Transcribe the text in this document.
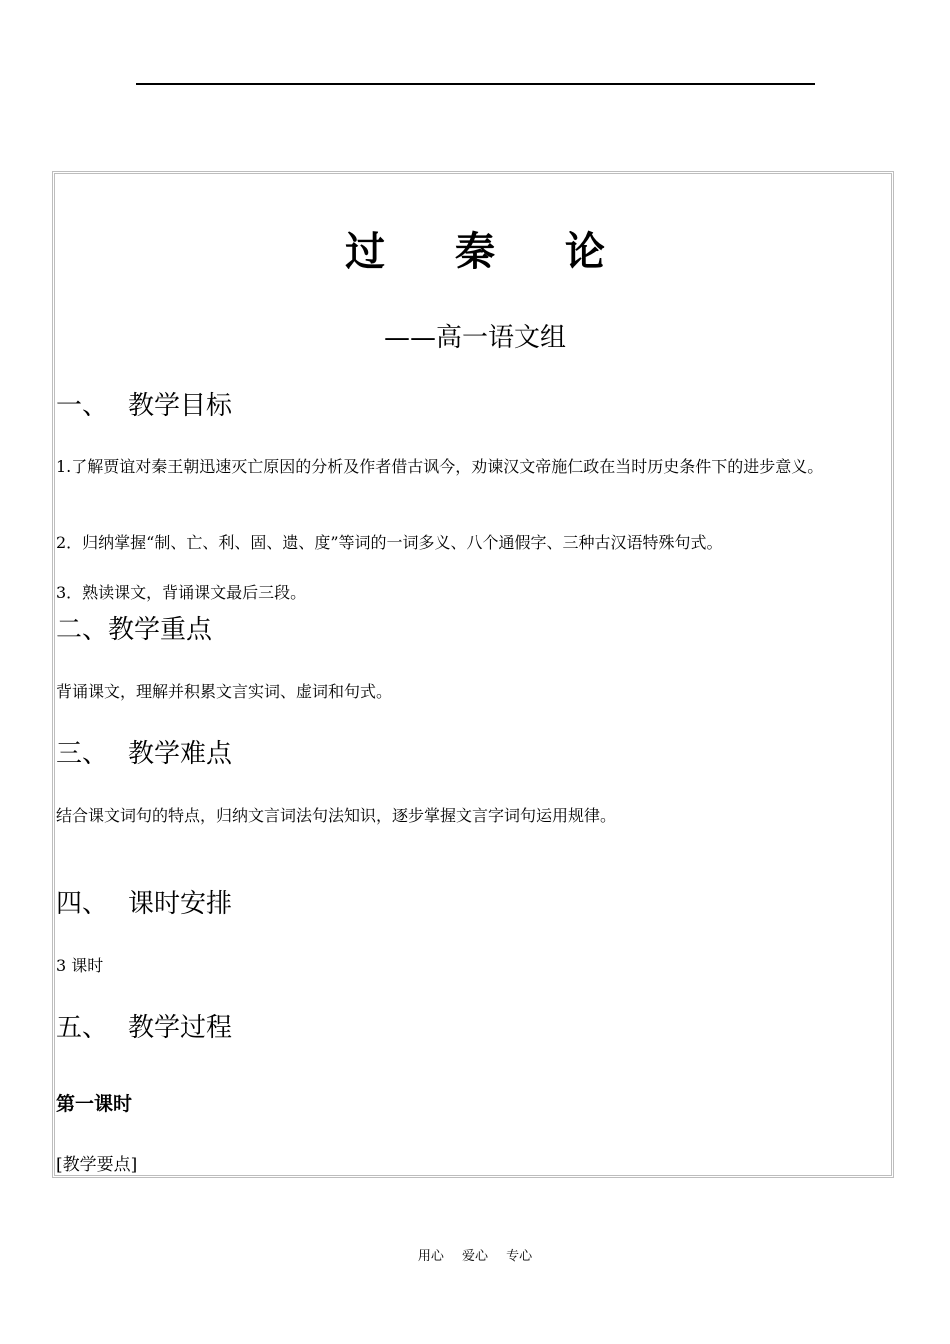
过 秦 论
——高一语文组
一、 教学目标
1.了解贾谊对秦王朝迅速灭亡原因的分析及作者借古讽今，劝谏汉文帝施仁政在当时历史条件下的进步意义。
2．归纳掌握“制、亡、利、固、遗、度”等词的一词多义、八个通假字、三种古汉语特殊句式。
3．熟读课文，背诵课文最后三段。
二、教学重点
背诵课文，理解并积累文言实词、虚词和句式。
三、 教学难点
结合课文词句的特点，归纳文言词法句法知识，逐步掌握文言字词句运用规律。
四、 课时安排
3 课时
五、 教学过程
第一课时
[教学要点]
用心 爱心 专心
